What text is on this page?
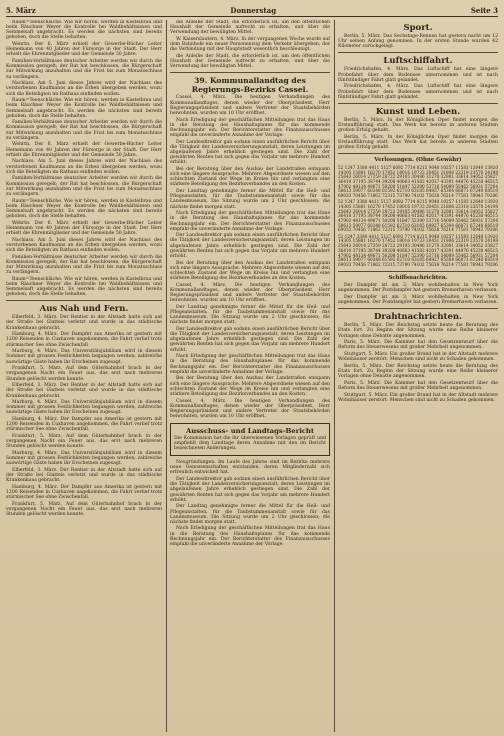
5. März	Donnerstag	Seite 3

Raum=Teenschläche. Wie wir hören, werden in Kastelbrau und beim Räuchner Weyer die Kontrolle bei Waldbehältnissen und Semmelsaft angebracht. Es werden die nächsten sind bereits gehoben, doch die Stelle behalten.

Wehrtn. Der 6. März erhielt der Gewerbe-Bücher Leiter Heinemann von 40 Jahren der Fürsorge in der Stadt. Der Herr erhielt die Ehrenmitglieder und der Gemeinde 50 Jahre.

Familien-Verhältnisse deutscher Arbeiter werden wir durch die Kommission geregelt; der Rat hat beschlossen, die Bürgerschaft zur Mitwirkung anzuhalten und die Frist bis zum Monatsschluss zu verlängern.

Nachlass. Am 5. Juni dieses Jahres wird der Nachlass des verstorbenen Kaufmanns an die Erben übergeben werden, wozu sich die Beteiligten im Rathaus einfinden wollen.

Raum=Teenschläche. Wie wir hören, werden in Kastelbrau und beim Räuchner Weyer die Kontrolle bei Waldbehältnissen und Semmelsaft angebracht. Es werden die nächsten sind bereits gehoben, doch die Stelle behalten.

Familien-Verhältnisse deutscher Arbeiter werden wir durch die Kommission geregelt; der Rat hat beschlossen, die Bürgerschaft zur Mitwirkung anzuhalten und die Frist bis zum Monatsschluss zu verlängern.

Wehrtn. Der 6. März erhielt der Gewerbe-Bücher Leiter Heinemann von 40 Jahren der Fürsorge in der Stadt. Der Herr erhielt die Ehrenmitglieder und der Gemeinde 50 Jahre.

Nachlass. Am 5. Juni dieses Jahres wird der Nachlass des verstorbenen Kaufmanns an die Erben übergeben werden, wozu sich die Beteiligten im Rathaus einfinden wollen.

Familien-Verhältnisse deutscher Arbeiter werden wir durch die Kommission geregelt; der Rat hat beschlossen, die Bürgerschaft zur Mitwirkung anzuhalten und die Frist bis zum Monatsschluss zu verlängern.

Raum=Teenschläche. Wie wir hören, werden in Kastelbrau und beim Räuchner Weyer die Kontrolle bei Waldbehältnissen und Semmelsaft angebracht. Es werden die nächsten sind bereits gehoben, doch die Stelle behalten.

Wehrtn. Der 6. März erhielt der Gewerbe-Bücher Leiter Heinemann von 40 Jahren der Fürsorge in der Stadt. Der Herr erhielt die Ehrenmitglieder und der Gemeinde 50 Jahre.

Nachlass. Am 5. Juni dieses Jahres wird der Nachlass des verstorbenen Kaufmanns an die Erben übergeben werden, wozu sich die Beteiligten im Rathaus einfinden wollen.

Familien-Verhältnisse deutscher Arbeiter werden wir durch die Kommission geregelt; der Rat hat beschlossen, die Bürgerschaft zur Mitwirkung anzuhalten und die Frist bis zum Monatsschluss zu verlängern.

Raum=Teenschläche. Wie wir hören, werden in Kastelbrau und beim Räuchner Weyer die Kontrolle bei Waldbehältnissen und Semmelsaft angebracht. Es werden die nächsten sind bereits gehoben, doch die Stelle behalten.

Aus Nah und Fern.

Elberfeld, 3. März. Der Rentier in der Altstadt hatte sich auf der Straße bei Glatteis verletzt und wurde in das städtische Krankenhaus gebracht.

Hamburg, 4. März. Der Dampfer aus Amerika ist gestern mit 1200 Reisenden in Cuxhaven angekommen, die Fahrt verlief trotz stürmischer See ohne Zwischenfall.

Marburg, 4. März. Das Universitätsjubiläum wird in diesem Sommer mit grossen Festlichkeiten begangen werden; zahlreiche auswärtige Gäste haben ihr Erscheinen zugesagt.

Frankfurt, 5. März. Auf dem Güterbahnhof brach in der vergangenen Nacht ein Feuer aus, das erst nach mehreren Stunden gelöscht werden konnte.

Elberfeld, 3. März. Der Rentier in der Altstadt hatte sich auf der Straße bei Glatteis verletzt und wurde in das städtische Krankenhaus gebracht.

Marburg, 4. März. Das Universitätsjubiläum wird in diesem Sommer mit grossen Festlichkeiten begangen werden; zahlreiche auswärtige Gäste haben ihr Erscheinen zugesagt.

Hamburg, 4. März. Der Dampfer aus Amerika ist gestern mit 1200 Reisenden in Cuxhaven angekommen, die Fahrt verlief trotz stürmischer See ohne Zwischenfall.

Frankfurt, 5. März. Auf dem Güterbahnhof brach in der vergangenen Nacht ein Feuer aus, das erst nach mehreren Stunden gelöscht werden konnte.

Marburg, 4. März. Das Universitätsjubiläum wird in diesem Sommer mit grossen Festlichkeiten begangen werden; zahlreiche auswärtige Gäste haben ihr Erscheinen zugesagt.

Elberfeld, 3. März. Der Rentier in der Altstadt hatte sich auf der Straße bei Glatteis verletzt und wurde in das städtische Krankenhaus gebracht.

Hamburg, 4. März. Der Dampfer aus Amerika ist gestern mit 1200 Reisenden in Cuxhaven angekommen, die Fahrt verlief trotz stürmischer See ohne Zwischenfall.

Frankfurt, 5. März. Auf dem Güterbahnhof brach in der vergangenen Nacht ein Feuer aus, das erst nach mehreren Stunden gelöscht werden konnte.

die Anleihe der Stadt, die erforderlich ist, um den öffentlichen Haushalt der Gemeinde aufrecht zu erhalten, und über die Verwendung der bewilligten Mittel.

W. Kaiserslautern, 4. März. In der vergangenen Woche wurde auf dem Bahnhofe ein neuer Personenzug dem Verkehr übergeben, der die Verbindung mit der Hauptstadt wesentlich beschleunigt.

die Anleihe der Stadt, die erforderlich ist, um den öffentlichen Haushalt der Gemeinde aufrecht zu erhalten, und über die Verwendung der bewilligten Mittel.

39. Kommunallandtag des Regierungs-Bezirks Cassel.

Cassel, 4. März. Die heutigen Verhandlungen des Kommunallandtages, denen wieder der Oberpräsident, Herr Regierungspräsident und andere Vertreter der Staatsbehörden beiwohnten, wurden um 10 Uhr eröffnet.

Nach Erledigung der geschäftlichen Mitteilungen trat das Haus in die Beratung des Haushaltsplanes für das kommende Rechnungsjahr ein. Der Berichterstatter des Finanzausschusses empfahl die unveränderte Annahme der Vorlage.

Der Landesdirektor gab sodann einen ausführlichen Bericht über die Tätigkeit der Landesversicherungsanstalt, deren Leistungen im abgelaufenen Jahre erheblich gestiegen sind. Die Zahl der gewährten Renten hat sich gegen das Vorjahr um mehrere Hundert erhöht.

Bei der Beratung über den Ausbau der Landstraßen entspann sich eine längere Aussprache. Mehrere Abgeordnete wiesen auf den schlechten Zustand der Wege im Kreise hin und verlangten eine stärkere Beteiligung des Bezirksverbandes an den Kosten.

Der Landtag genehmigte ferner die Mittel für die Heil- und Pflegeanstalten, für die Taubstummenanstalt sowie für das Landesmuseum. Die Sitzung wurde um 2 Uhr geschlossen; die nächste findet morgen statt.

Nach Erledigung der geschäftlichen Mitteilungen trat das Haus in die Beratung des Haushaltsplanes für das kommende Rechnungsjahr ein. Der Berichterstatter des Finanzausschusses empfahl die unveränderte Annahme der Vorlage.

Der Landesdirektor gab sodann einen ausführlichen Bericht über die Tätigkeit der Landesversicherungsanstalt, deren Leistungen im abgelaufenen Jahre erheblich gestiegen sind. Die Zahl der gewährten Renten hat sich gegen das Vorjahr um mehrere Hundert erhöht.

Bei der Beratung über den Ausbau der Landstraßen entspann sich eine längere Aussprache. Mehrere Abgeordnete wiesen auf den schlechten Zustand der Wege im Kreise hin und verlangten eine stärkere Beteiligung des Bezirksverbandes an den Kosten.

Cassel, 4. März. Die heutigen Verhandlungen des Kommunallandtages, denen wieder der Oberpräsident, Herr Regierungspräsident und andere Vertreter der Staatsbehörden beiwohnten, wurden um 10 Uhr eröffnet.

Der Landtag genehmigte ferner die Mittel für die Heil- und Pflegeanstalten, für die Taubstummenanstalt sowie für das Landesmuseum. Die Sitzung wurde um 2 Uhr geschlossen; die nächste findet morgen statt.

Der Landesdirektor gab sodann einen ausführlichen Bericht über die Tätigkeit der Landesversicherungsanstalt, deren Leistungen im abgelaufenen Jahre erheblich gestiegen sind. Die Zahl der gewährten Renten hat sich gegen das Vorjahr um mehrere Hundert erhöht.

Nach Erledigung der geschäftlichen Mitteilungen trat das Haus in die Beratung des Haushaltsplanes für das kommende Rechnungsjahr ein. Der Berichterstatter des Finanzausschusses empfahl die unveränderte Annahme der Vorlage.

Bei der Beratung über den Ausbau der Landstraßen entspann sich eine längere Aussprache. Mehrere Abgeordnete wiesen auf den schlechten Zustand der Wege im Kreise hin und verlangten eine stärkere Beteiligung des Bezirksverbandes an den Kosten.

Cassel, 4. März. Die heutigen Verhandlungen des Kommunallandtages, denen wieder der Oberpräsident, Herr Regierungspräsident und andere Vertreter der Staatsbehörden beiwohnten, wurden um 10 Uhr eröffnet.

Ausschuss- und Landtags-Bericht

Die Kommission hat die ihr überwiesenen Vorlagen geprüft und empfiehlt dem Landtage deren Annahme mit den im Bericht bezeichneten Änderungen.

Neugründungen. Im Laufe des Jahres sind im Bezirke mehrere neue Genossenschaften entstanden, deren Mitgliederzahl sich erfreulich entwickelt hat.

Der Landesdirektor gab sodann einen ausführlichen Bericht über die Tätigkeit der Landesversicherungsanstalt, deren Leistungen im abgelaufenen Jahre erheblich gestiegen sind. Die Zahl der gewährten Renten hat sich gegen das Vorjahr um mehrere Hundert erhöht.

Der Landtag genehmigte ferner die Mittel für die Heil- und Pflegeanstalten, für die Taubstummenanstalt sowie für das Landesmuseum. Die Sitzung wurde um 2 Uhr geschlossen; die nächste findet morgen statt.

Nach Erledigung der geschäftlichen Mitteilungen trat das Haus in die Beratung des Haushaltsplanes für das kommende Rechnungsjahr ein. Der Berichterstatter des Finanzausschusses empfahl die unveränderte Annahme der Vorlage.

Sport.

Berlin, 5. März. Das Sechstage-Rennen hat gestern nacht um 12 Uhr seinen Anfang genommen. In der ersten Stunde wurden 42 Kilometer zurückgelegt.

Luftschiffahrt.

Friedrichshafen, 4. März. Das Luftschiff hat eine längere Probefahrt über dem Bodensee unternommen und ist nach fünfstündiger Fahrt glatt gelandet.

Friedrichshafen, 4. März. Das Luftschiff hat eine längere Probefahrt über dem Bodensee unternommen und ist nach fünfstündiger Fahrt glatt gelandet.

Kunst und Leben.

Berlin, 5. März. In der Königlichen Oper findet morgen die Erstaufführung statt. Das Werk hat bereits in anderen Städten großen Erfolg gehabt.

Berlin, 5. März. In der Königlichen Oper findet morgen die Erstaufführung statt. Das Werk hat bereits in anderen Städten großen Erfolg gehabt.

Verlosungen. (Ohne Gewähr)

52 1247 3380 4411 5127 6092 7714 8215 9040 10257 11583 12640 13920 14305 15881 16270 17452 18016 19733 20451 21806 22319 23570 24198 25643 26014 27359 28722 29105 30486 31270 32981 33614 34052 35827 36410 37195 38744 39208 40663 41582 42017 43391 44876 45230 46515 47902 48134 49671 50208 51847 52390 53716 54089 55462 56931 57204 58613 59077 60348 61592 62710 63185 64927 65304 66871 67240 68519 69033 70456 71862 72315 73790 74102 75638 76214 77581 78943 79206

52 1247 3380 4411 5127 6092 7714 8215 9040 10257 11583 12640 13920 14305 15881 16270 17452 18016 19733 20451 21806 22319 23570 24198 25643 26014 27359 28722 29105 30486 31270 32981 33614 34052 35827 36410 37195 38744 39208 40663 41582 42017 43391 44876 45230 46515 47902 48134 49671 50208 51847 52390 53716 54089 55462 56931 57204 58613 59077 60348 61592 62710 63185 64927 65304 66871 67240 68519 69033 70456 71862 72315 73790 74102 75638 76214 77581 78943 79206

52 1247 3380 4411 5127 6092 7714 8215 9040 10257 11583 12640 13920 14305 15881 16270 17452 18016 19733 20451 21806 22319 23570 24198 25643 26014 27359 28722 29105 30486 31270 32981 33614 34052 35827 36410 37195 38744 39208 40663 41582 42017 43391 44876 45230 46515 47902 48134 49671 50208 51847 52390 53716 54089 55462 56931 57204 58613 59077 60348 61592 62710 63185 64927 65304 66871 67240 68519 69033 70456 71862 72315 73790 74102 75638 76214 77581 78943 79206

Schiffsnachrichten.

Der Dampfer ist am 3. März wohlbehalten in New York angekommen. Der Postdampfer hat gestern Bremerhaven verlassen.

Der Dampfer ist am 3. März wohlbehalten in New York angekommen. Der Postdampfer hat gestern Bremerhaven verlassen.

Drahtnachrichten.

Berlin, 5. März. Der Reichstag setzte heute die Beratung des Etats fort. Zu Beginn der Sitzung wurde eine Reihe kleinerer Vorlagen ohne Debatte angenommen.

Paris, 5. März. Die Kammer hat den Gesetzentwurf über die Reform des Steuerwesens mit großer Mehrheit angenommen.

Stuttgart, 5. März. Ein großer Brand hat in der Altstadt mehrere Wohnhäuser zerstört. Menschen sind nicht zu Schaden gekommen.

Berlin, 5. März. Der Reichstag setzte heute die Beratung des Etats fort. Zu Beginn der Sitzung wurde eine Reihe kleinerer Vorlagen ohne Debatte angenommen.

Paris, 5. März. Die Kammer hat den Gesetzentwurf über die Reform des Steuerwesens mit großer Mehrheit angenommen.

Stuttgart, 5. März. Ein großer Brand hat in der Altstadt mehrere Wohnhäuser zerstört. Menschen sind nicht zu Schaden gekommen.
